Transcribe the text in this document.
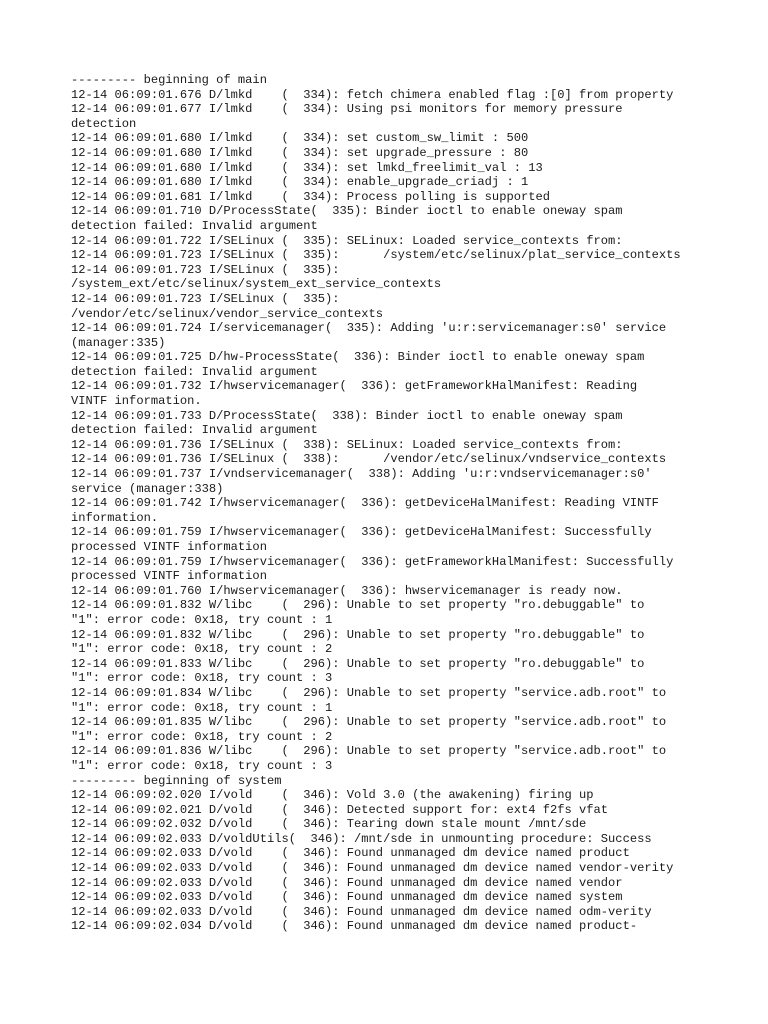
--------- beginning of main
12-14 06:09:01.676 D/lmkd    (  334): fetch chimera enabled flag :[0] from property
12-14 06:09:01.677 I/lmkd    (  334): Using psi monitors for memory pressure
detection
12-14 06:09:01.680 I/lmkd    (  334): set custom_sw_limit : 500
12-14 06:09:01.680 I/lmkd    (  334): set upgrade_pressure : 80
12-14 06:09:01.680 I/lmkd    (  334): set lmkd_freelimit_val : 13
12-14 06:09:01.680 I/lmkd    (  334): enable_upgrade_criadj : 1
12-14 06:09:01.681 I/lmkd    (  334): Process polling is supported
12-14 06:09:01.710 D/ProcessState(  335): Binder ioctl to enable oneway spam
detection failed: Invalid argument
12-14 06:09:01.722 I/SELinux (  335): SELinux: Loaded service_contexts from:
12-14 06:09:01.723 I/SELinux (  335):      /system/etc/selinux/plat_service_contexts
12-14 06:09:01.723 I/SELinux (  335):
/system_ext/etc/selinux/system_ext_service_contexts
12-14 06:09:01.723 I/SELinux (  335):
/vendor/etc/selinux/vendor_service_contexts
12-14 06:09:01.724 I/servicemanager(  335): Adding 'u:r:servicemanager:s0' service
(manager:335)
12-14 06:09:01.725 D/hw-ProcessState(  336): Binder ioctl to enable oneway spam
detection failed: Invalid argument
12-14 06:09:01.732 I/hwservicemanager(  336): getFrameworkHalManifest: Reading
VINTF information.
12-14 06:09:01.733 D/ProcessState(  338): Binder ioctl to enable oneway spam
detection failed: Invalid argument
12-14 06:09:01.736 I/SELinux (  338): SELinux: Loaded service_contexts from:
12-14 06:09:01.736 I/SELinux (  338):      /vendor/etc/selinux/vndservice_contexts
12-14 06:09:01.737 I/vndservicemanager(  338): Adding 'u:r:vndservicemanager:s0'
service (manager:338)
12-14 06:09:01.742 I/hwservicemanager(  336): getDeviceHalManifest: Reading VINTF
information.
12-14 06:09:01.759 I/hwservicemanager(  336): getDeviceHalManifest: Successfully
processed VINTF information
12-14 06:09:01.759 I/hwservicemanager(  336): getFrameworkHalManifest: Successfully
processed VINTF information
12-14 06:09:01.760 I/hwservicemanager(  336): hwservicemanager is ready now.
12-14 06:09:01.832 W/libc    (  296): Unable to set property "ro.debuggable" to
"1": error code: 0x18, try count : 1
12-14 06:09:01.832 W/libc    (  296): Unable to set property "ro.debuggable" to
"1": error code: 0x18, try count : 2
12-14 06:09:01.833 W/libc    (  296): Unable to set property "ro.debuggable" to
"1": error code: 0x18, try count : 3
12-14 06:09:01.834 W/libc    (  296): Unable to set property "service.adb.root" to
"1": error code: 0x18, try count : 1
12-14 06:09:01.835 W/libc    (  296): Unable to set property "service.adb.root" to
"1": error code: 0x18, try count : 2
12-14 06:09:01.836 W/libc    (  296): Unable to set property "service.adb.root" to
"1": error code: 0x18, try count : 3
--------- beginning of system
12-14 06:09:02.020 I/vold    (  346): Vold 3.0 (the awakening) firing up
12-14 06:09:02.021 D/vold    (  346): Detected support for: ext4 f2fs vfat
12-14 06:09:02.032 D/vold    (  346): Tearing down stale mount /mnt/sde
12-14 06:09:02.033 D/voldUtils(  346): /mnt/sde in unmounting procedure: Success
12-14 06:09:02.033 D/vold    (  346): Found unmanaged dm device named product
12-14 06:09:02.033 D/vold    (  346): Found unmanaged dm device named vendor-verity
12-14 06:09:02.033 D/vold    (  346): Found unmanaged dm device named vendor
12-14 06:09:02.033 D/vold    (  346): Found unmanaged dm device named system
12-14 06:09:02.033 D/vold    (  346): Found unmanaged dm device named odm-verity
12-14 06:09:02.034 D/vold    (  346): Found unmanaged dm device named product-
